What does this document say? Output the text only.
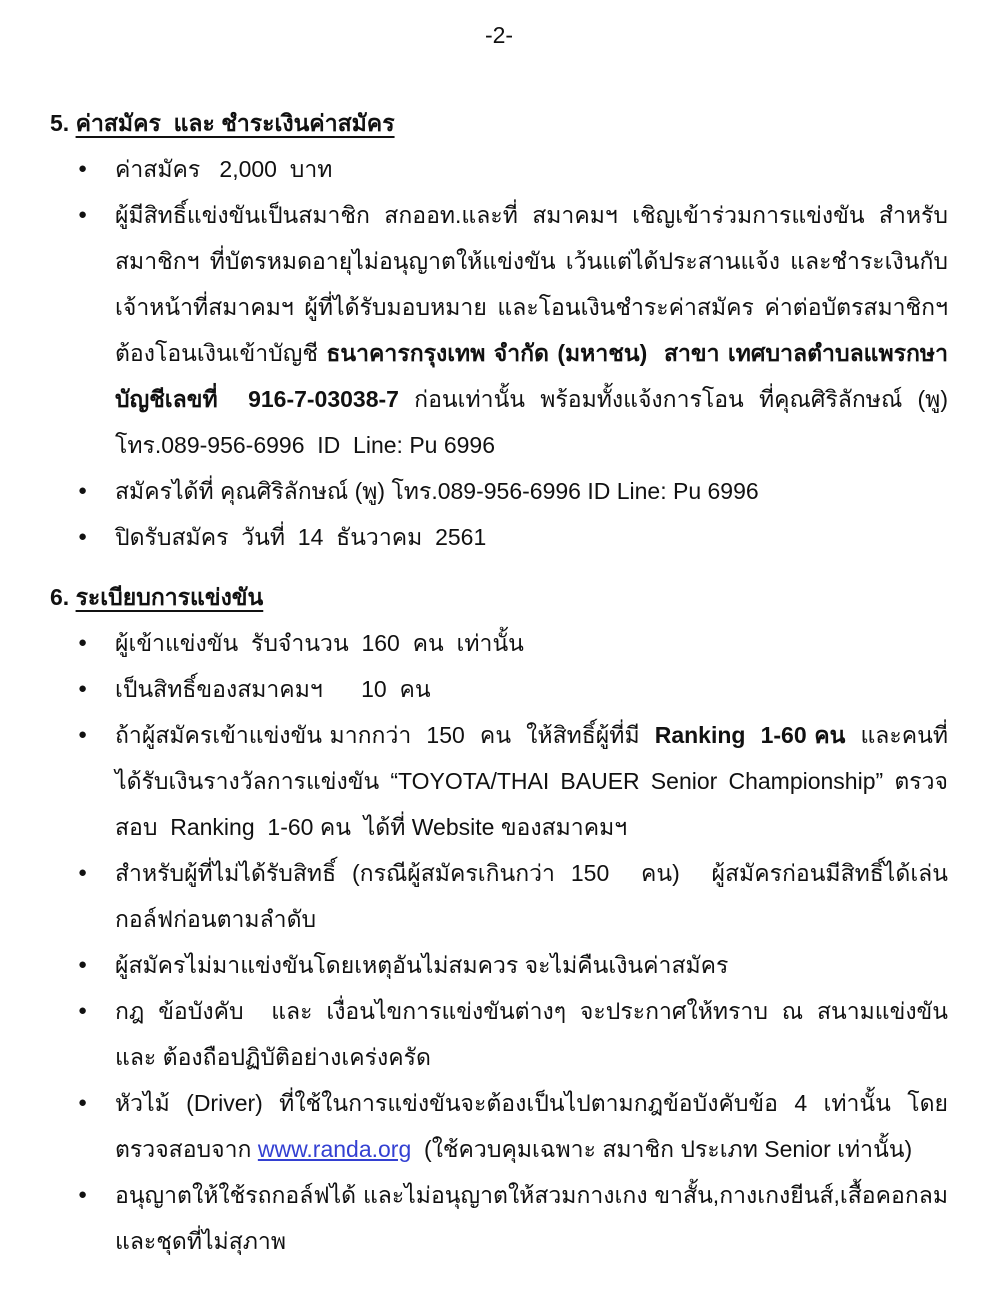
-2-
5. ค่าสมัคร  และ ชำระเงินค่าสมัคร
●	ค่าสมัคร   2,000  บาท
●	ผู้มีสิทธิ์แข่งขันเป็นสมาชิก สกออท.และที่ สมาคมฯ เชิญเข้าร่วมการแข่งขัน สำหรับสมาชิกฯ ที่บัตรหมดอายุไม่อนุญาตให้แข่งขัน เว้นแต่ได้ประสานแจ้ง และชำระเงินกับเจ้าหน้าที่สมาคมฯ ผู้ที่ได้รับมอบหมาย และโอนเงินชำระค่าสมัคร ค่าต่อบัตรสมาชิกฯ ต้องโอนเงินเข้าบัญชี ธนาคารกรุงเทพ จำกัด (มหาชน)  สาขา เทศบาลตำบลแพรกษา  บัญชีเลขที่  916-7-03038-7 ก่อนเท่านั้น พร้อมทั้งแจ้งการโอน ที่คุณศิริลักษณ์ (พู) โทร.089-956-6996  ID  Line: Pu 6996
●	สมัครได้ที่ คุณศิริลักษณ์ (พู) โทร.089-956-6996 ID Line: Pu 6996
●	ปิดรับสมัคร  วันที่  14  ธันวาคม  2561
6. ระเบียบการแข่งขัน
●	ผู้เข้าแข่งขัน  รับจำนวน  160  คน  เท่านั้น
●	เป็นสิทธิ์ของสมาคมฯ      10  คน
●	ถ้าผู้สมัครเข้าแข่งขัน มากกว่า  150  คน  ให้สิทธิ์ผู้ที่มี  Ranking  1-60 คน  และคนที่ได้รับเงินรางวัลการแข่งขัน “TOYOTA/THAI BAUER Senior Championship” ตรวจสอบ  Ranking  1-60 คน  ได้ที่ Website ของสมาคมฯ
●	สำหรับผู้ที่ไม่ได้รับสิทธิ์ (กรณีผู้สมัครเกินกว่า 150  คน)  ผู้สมัครก่อนมีสิทธิ์ได้เล่นกอล์ฟก่อนตามลำดับ
●	ผู้สมัครไม่มาแข่งขันโดยเหตุอันไม่สมควร จะไม่คืนเงินค่าสมัคร
●	กฎ ข้อบังคับ  และ เงื่อนไขการแข่งขันต่างๆ จะประกาศให้ทราบ ณ สนามแข่งขัน  และ ต้องถือปฏิบัติอย่างเคร่งครัด
●	หัวไม้ (Driver) ที่ใช้ในการแข่งขันจะต้องเป็นไปตามกฎข้อบังคับข้อ 4 เท่านั้น โดยตรวจสอบจาก www.randa.org  (ใช้ควบคุมเฉพาะ สมาชิก ประเภท Senior เท่านั้น)
●	อนุญาตให้ใช้รถกอล์ฟได้ และไม่อนุญาตให้สวมกางเกง ขาสั้น,กางเกงยีนส์,เสื้อคอกลม และชุดที่ไม่สุภาพ
